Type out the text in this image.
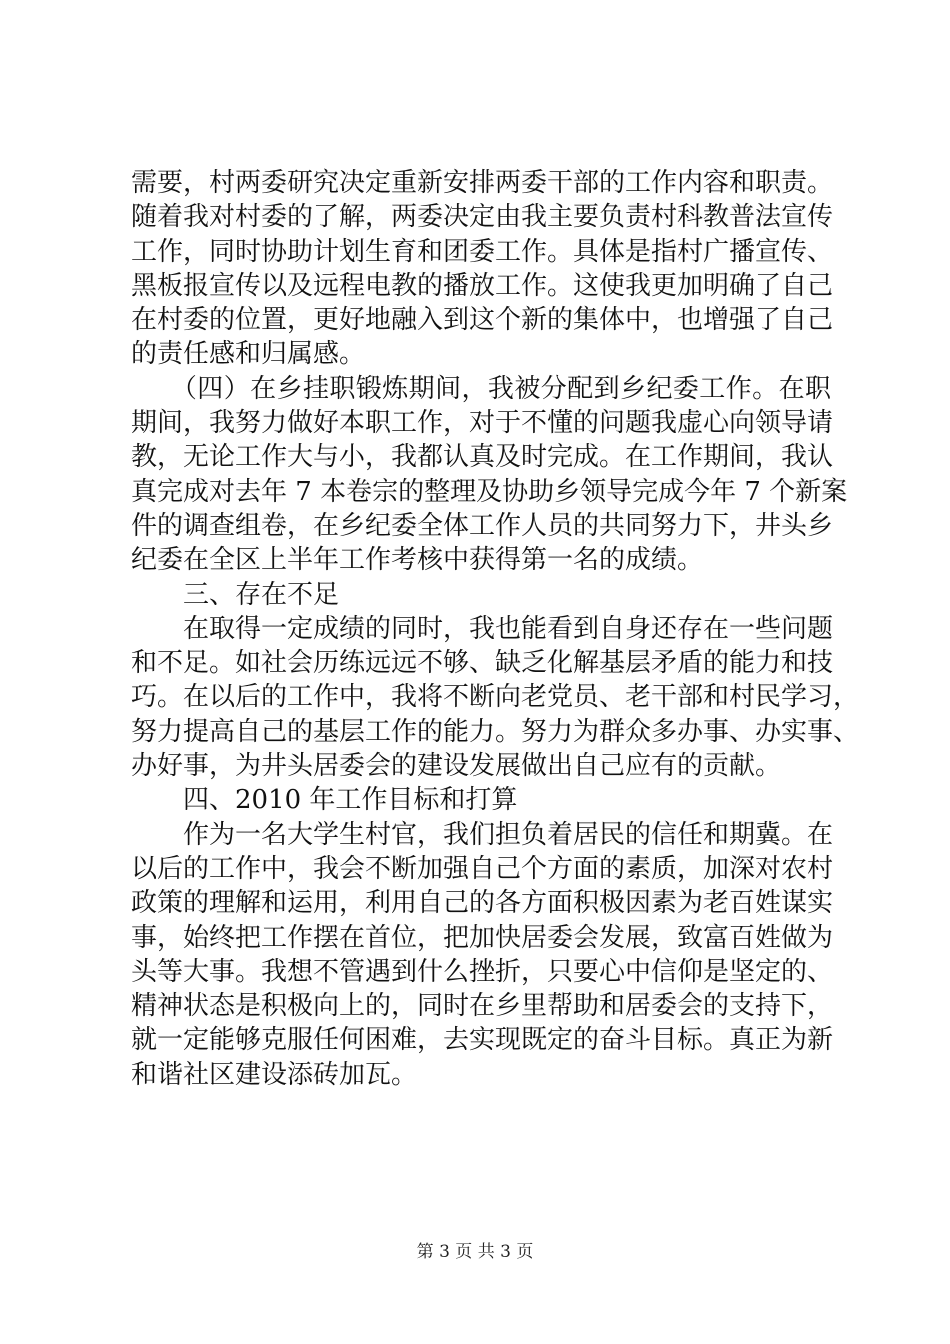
需要，村两委研究决定重新安排两委干部的工作内容和职责。
随着我对村委的了解，两委决定由我主要负责村科教普法宣传
工作，同时协助计划生育和团委工作。具体是指村广播宣传、
黑板报宣传以及远程电教的播放工作。这使我更加明确了自己
在村委的位置，更好地融入到这个新的集体中，也增强了自己
的责任感和归属感。
　　（四）在乡挂职锻炼期间，我被分配到乡纪委工作。在职
期间，我努力做好本职工作，对于不懂的问题我虚心向领导请
教，无论工作大与小，我都认真及时完成。在工作期间，我认
真完成对去年 7 本卷宗的整理及协助乡领导完成今年 7 个新案
件的调查组卷，在乡纪委全体工作人员的共同努力下，井头乡
纪委在全区上半年工作考核中获得第一名的成绩。
　　三、存在不足
　　在取得一定成绩的同时，我也能看到自身还存在一些问题
和不足。如社会历练远远不够、缺乏化解基层矛盾的能力和技
巧。在以后的工作中，我将不断向老党员、老干部和村民学习，
努力提高自己的基层工作的能力。努力为群众多办事、办实事、
办好事，为井头居委会的建设发展做出自己应有的贡献。
　　四、2010 年工作目标和打算
　　作为一名大学生村官，我们担负着居民的信任和期冀。在
以后的工作中，我会不断加强自己个方面的素质，加深对农村
政策的理解和运用，利用自己的各方面积极因素为老百姓谋实
事，始终把工作摆在首位，把加快居委会发展，致富百姓做为
头等大事。我想不管遇到什么挫折，只要心中信仰是坚定的、
精神状态是积极向上的，同时在乡里帮助和居委会的支持下，
就一定能够克服任何困难，去实现既定的奋斗目标。真正为新
和谐社区建设添砖加瓦。
第 3 页 共 3 页
